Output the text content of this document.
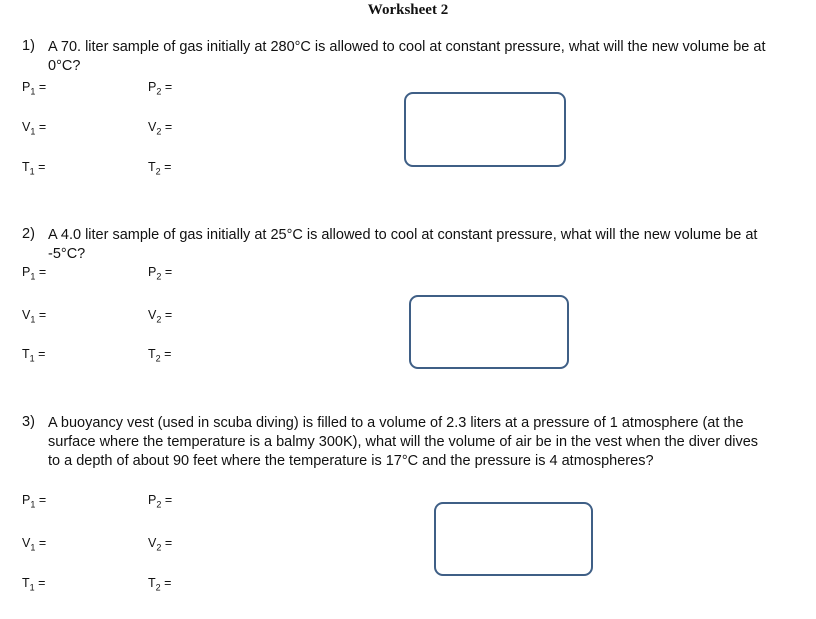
Worksheet 2
1) A 70. liter sample of gas initially at 280°C is allowed to cool at constant pressure, what will the new volume be at 0°C?
$P_1$ =	$P_2$ =
$V_1$ =	$V_2$ =
$T_1$ =	$T_2$ =
2) A 4.0 liter sample of gas initially at 25°C is allowed to cool at constant pressure, what will the new volume be at -5°C?
$P_1$ =	$P_2$ =
$V_1$ =	$V_2$ =
$T_1$ =	$T_2$ =
3) A buoyancy vest (used in scuba diving) is filled to a volume of 2.3 liters at a pressure of 1 atmosphere (at the surface where the temperature is a balmy 300K), what will the volume of air be in the vest when the diver dives to a depth of about 90 feet where the temperature is 17°C and the pressure is 4 atmospheres?
$P_1$ =	$P_2$ =
$V_1$ =	$V_2$ =
$T_1$ =	$T_2$ =
